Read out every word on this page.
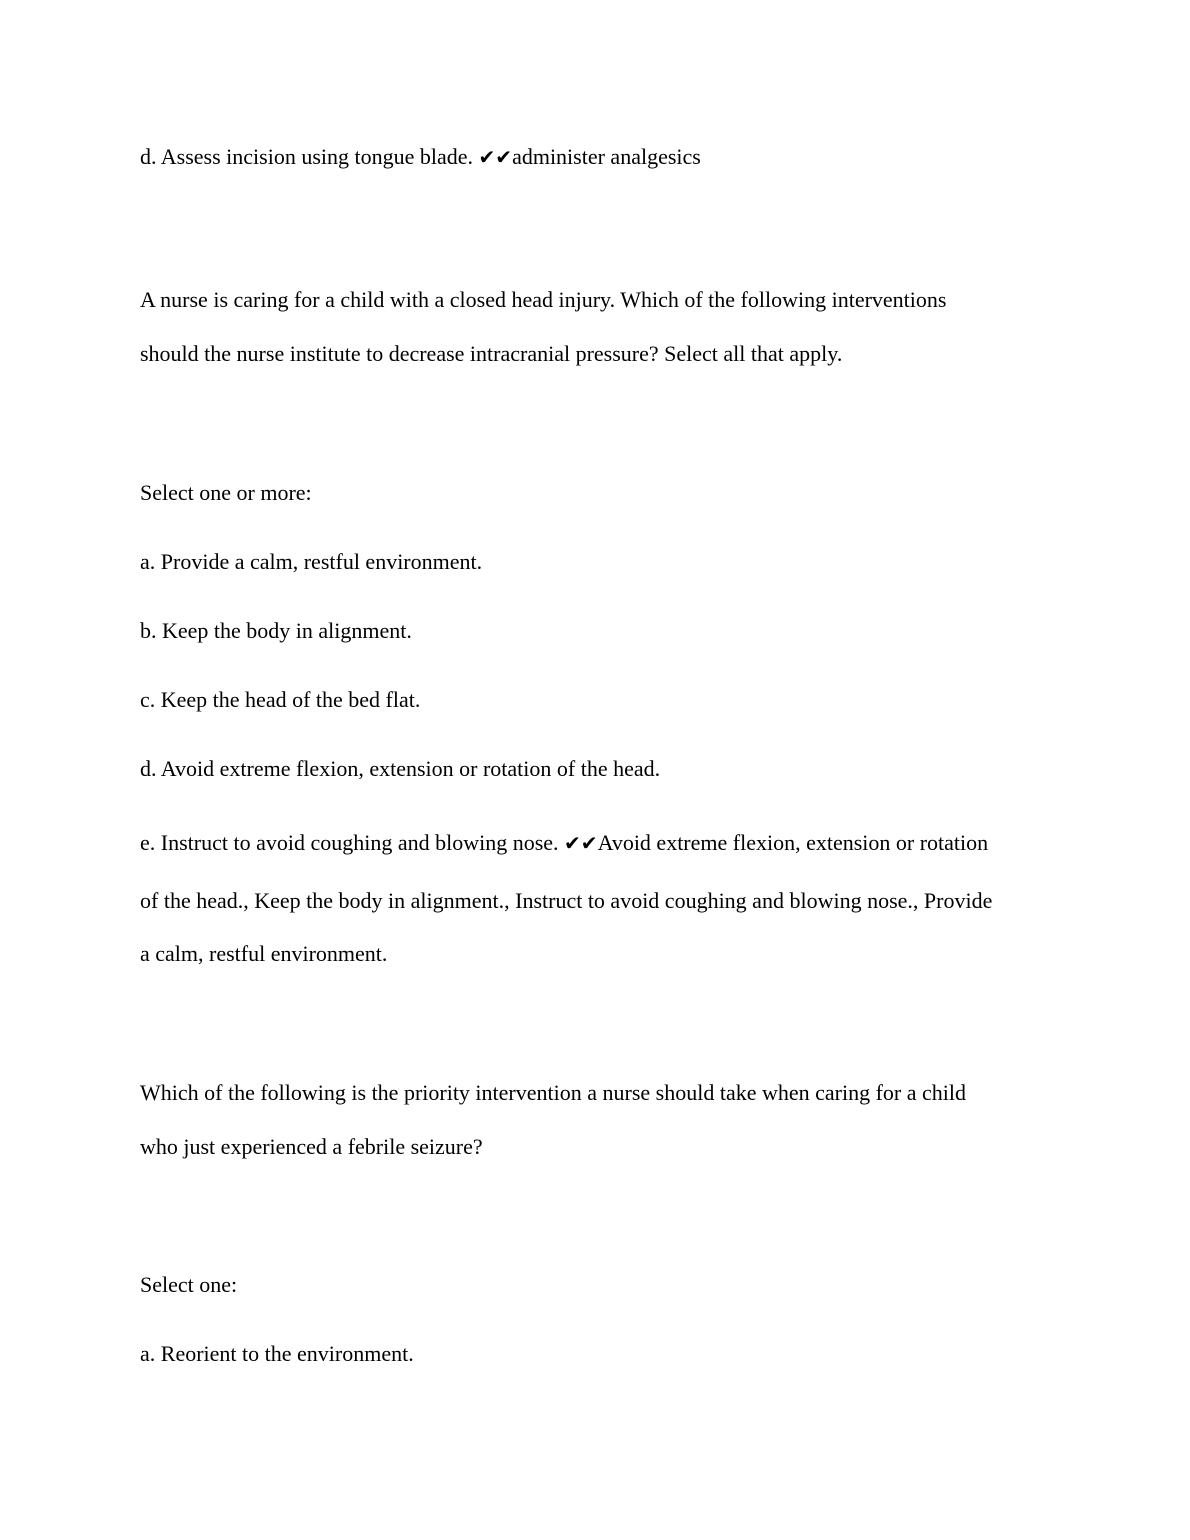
d. Assess incision using tongue blade. ✔✔administer analgesics
A nurse is caring for a child with a closed head injury. Which of the following interventions
should the nurse institute to decrease intracranial pressure? Select all that apply.
Select one or more:
a. Provide a calm, restful environment.
b. Keep the body in alignment.
c. Keep the head of the bed flat.
d. Avoid extreme flexion, extension or rotation of the head.
e. Instruct to avoid coughing and blowing nose. ✔✔Avoid extreme flexion, extension or rotation
of the head., Keep the body in alignment., Instruct to avoid coughing and blowing nose., Provide
a calm, restful environment.
Which of the following is the priority intervention a nurse should take when caring for a child
who just experienced a febrile seizure?
Select one:
a. Reorient to the environment.
